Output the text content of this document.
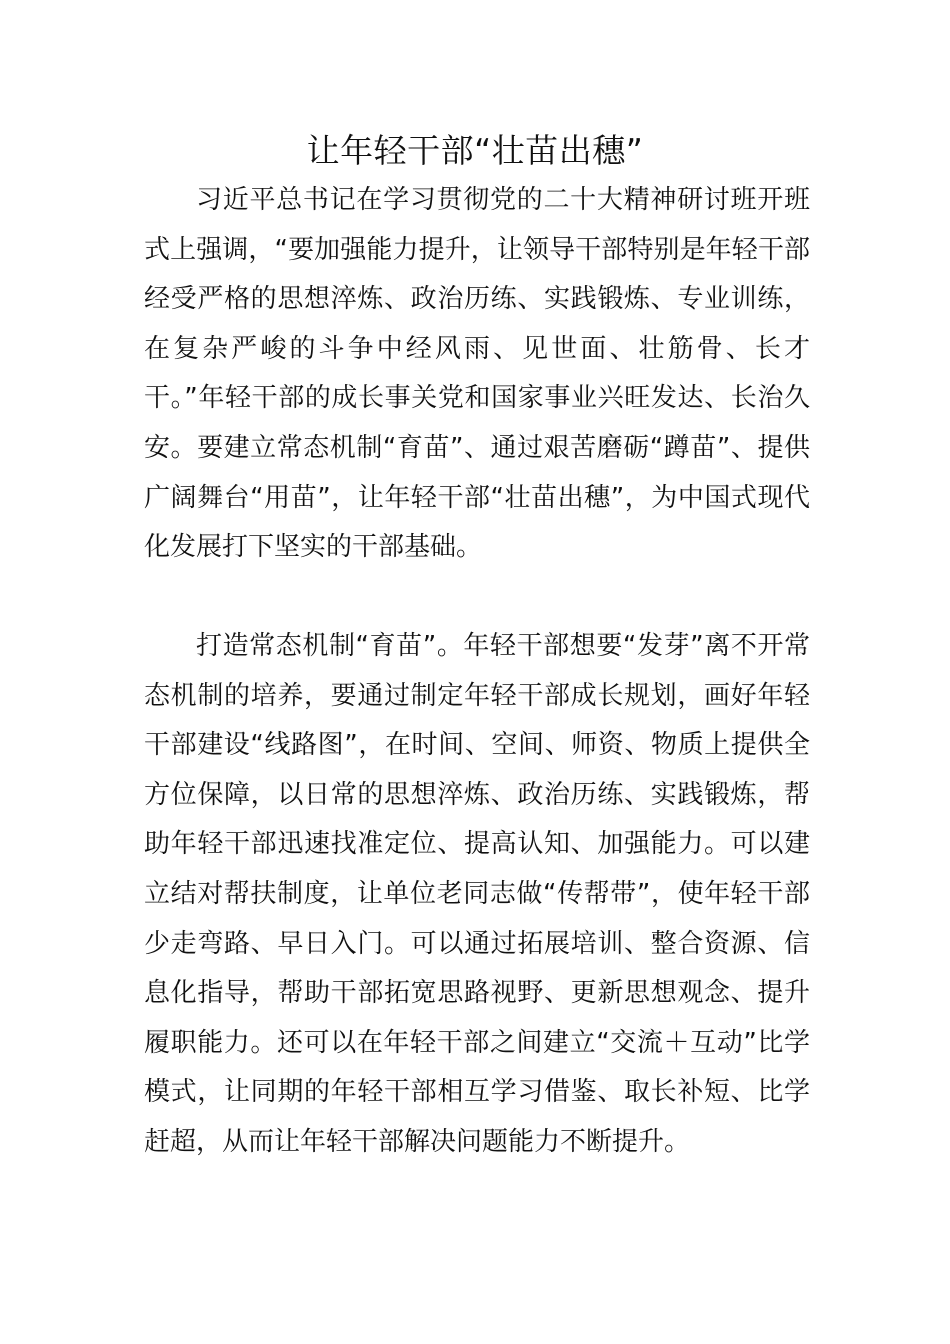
让年轻干部“壮苗出穗”

习近平总书记在学习贯彻党的二十大精神研讨班开班式上强调，“要加强能力提升，让领导干部特别是年轻干部经受严格的思想淬炼、政治历练、实践锻炼、专业训练，在复杂严峻的斗争中经风雨、见世面、壮筋骨、长才干。”年轻干部的成长事关党和国家事业兴旺发达、长治久安。要建立常态机制“育苗”、通过艰苦磨砺“蹲苗”、提供广阔舞台“用苗”，让年轻干部“壮苗出穗”，为中国式现代化发展打下坚实的干部基础。

打造常态机制“育苗”。年轻干部想要“发芽”离不开常态机制的培养，要通过制定年轻干部成长规划，画好年轻干部建设“线路图”，在时间、空间、师资、物质上提供全方位保障，以日常的思想淬炼、政治历练、实践锻炼，帮助年轻干部迅速找准定位、提高认知、加强能力。可以建立结对帮扶制度，让单位老同志做“传帮带”，使年轻干部少走弯路、早日入门。可以通过拓展培训、整合资源、信息化指导，帮助干部拓宽思路视野、更新思想观念、提升履职能力。还可以在年轻干部之间建立“交流＋互动”比学模式，让同期的年轻干部相互学习借鉴、取长补短、比学赶超，从而让年轻干部解决问题能力不断提升。
